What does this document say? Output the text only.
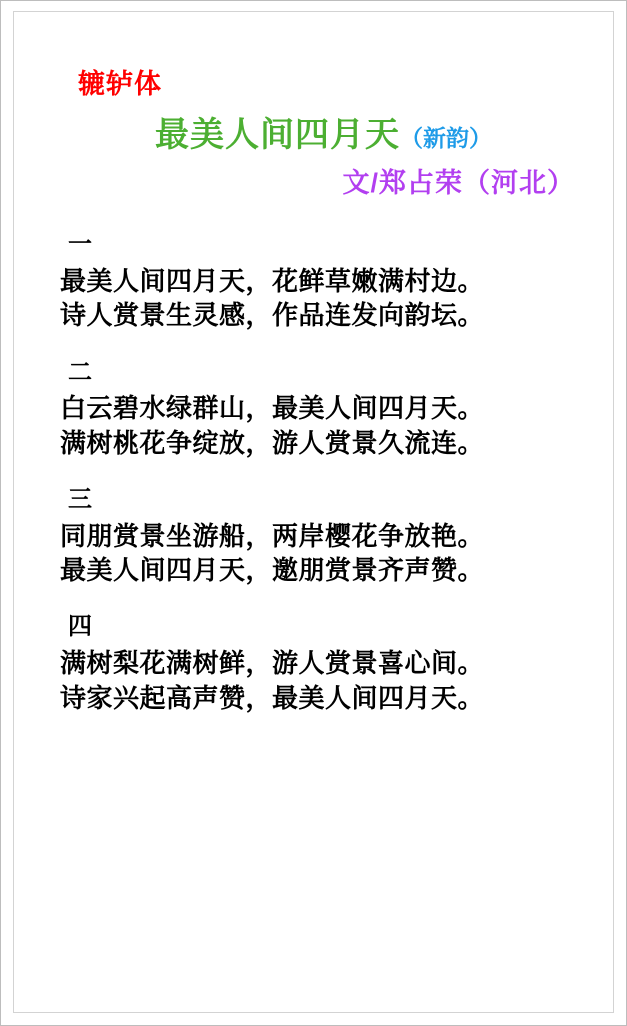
辘轳体
最美人间四月天（新韵）
文/郑占荣（河北）
一
最美人间四月天，花鲜草嫩满村边。
诗人赏景生灵感，作品连发向韵坛。
二
白云碧水绿群山，最美人间四月天。
满树桃花争绽放，游人赏景久流连。
三
同朋赏景坐游船，两岸樱花争放艳。
最美人间四月天，邀朋赏景齐声赞。
四
满树梨花满树鲜，游人赏景喜心间。
诗家兴起高声赞，最美人间四月天。
